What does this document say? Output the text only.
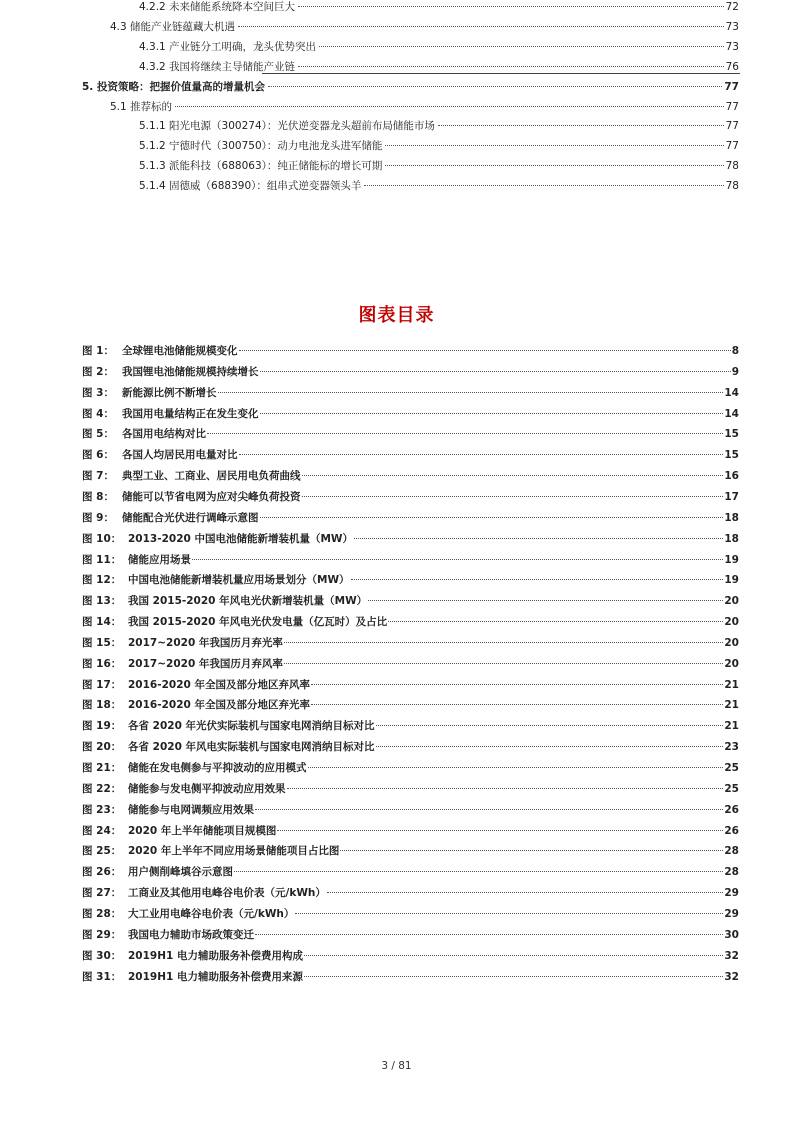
4.2.2 未来储能系统降本空间巨大	72
4.3 储能产业链蕴藏大机遇	73
4.3.1 产业链分工明确，龙头优势突出	73
4.3.2 我国将继续主导储能产业链	76
5. 投资策略：把握价值量高的增量机会	77
5.1 推荐标的	77
5.1.1 阳光电源（300274）：光伏逆变器龙头超前布局储能市场	77
5.1.2 宁德时代（300750）：动力电池龙头进军储能	77
5.1.3 派能科技（688063）：纯正储能标的增长可期	78
5.1.4 固德威（688390）：组串式逆变器领头羊	78
图表目录
图 1： 全球锂电池储能规模变化	8
图 2： 我国锂电池储能规模持续增长	9
图 3： 新能源比例不断增长	14
图 4： 我国用电量结构正在发生变化	14
图 5： 各国用电结构对比	15
图 6： 各国人均居民用电量对比	15
图 7： 典型工业、工商业、居民用电负荷曲线	16
图 8： 储能可以节省电网为应对尖峰负荷投资	17
图 9： 储能配合光伏进行调峰示意图	18
图 10： 2013-2020 中国电池储能新增装机量（MW）	18
图 11： 储能应用场景	19
图 12： 中国电池储能新增装机量应用场景划分（MW）	19
图 13： 我国 2015-2020 年风电光伏新增装机量（MW）	20
图 14： 我国 2015-2020 年风电光伏发电量（亿瓦时）及占比	20
图 15： 2017~2020 年我国历月弃光率	20
图 16： 2017~2020 年我国历月弃风率	20
图 17： 2016-2020 年全国及部分地区弃风率	21
图 18： 2016-2020 年全国及部分地区弃光率	21
图 19： 各省 2020 年光伏实际装机与国家电网消纳目标对比	21
图 20： 各省 2020 年风电实际装机与国家电网消纳目标对比	23
图 21： 储能在发电侧参与平抑波动的应用模式	25
图 22： 储能参与发电侧平抑波动应用效果	25
图 23： 储能参与电网调频应用效果	26
图 24： 2020 年上半年储能项目规模图	26
图 25： 2020 年上半年不同应用场景储能项目占比图	28
图 26： 用户侧削峰填谷示意图	28
图 27： 工商业及其他用电峰谷电价表（元/kWh）	29
图 28： 大工业用电峰谷电价表（元/kWh）	29
图 29： 我国电力辅助市场政策变迁	30
图 30： 2019H1 电力辅助服务补偿费用构成	32
图 31： 2019H1 电力辅助服务补偿费用来源	32
3 / 81
